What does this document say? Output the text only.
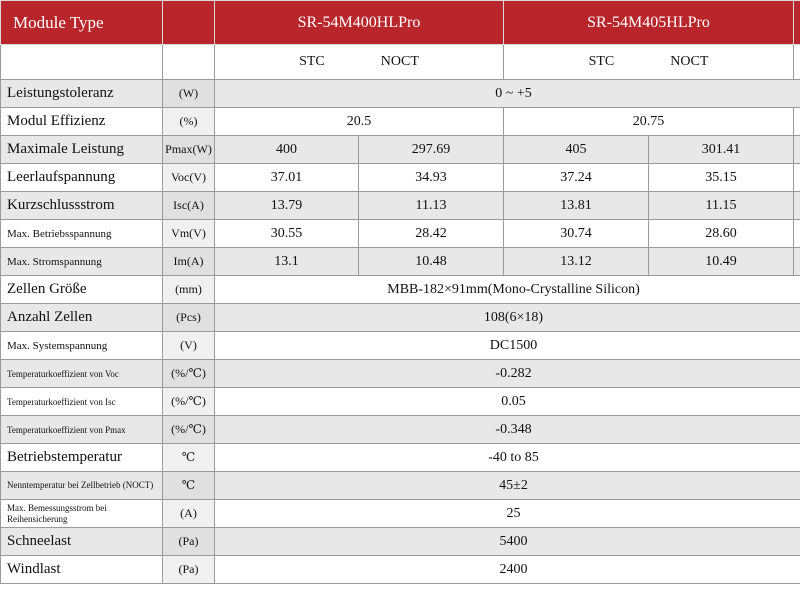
Module Type		SR-54M400HLPro		SR-54M405HLPro		

		STC NOCT		STC NOCT		

Leistungstoleranz	(W)	0 ~ +5				
Modul Effizienz	(%)	20.5		20.75		
Maximale Leistung	Pmax(W)	400	297.69	405	301.41	
Leerlaufspannung	Voc(V)	37.01	34.93	37.24	35.15	
Kurzschlussstrom	Isc(A)	13.79	11.13	13.81	11.15	
Max. Betriebsspannung	Vm(V)	30.55	28.42	30.74	28.60	
Max. Stromspannung	Im(A)	13.1	10.48	13.12	10.49	
Zellen Größe	(mm)	MBB-182×91mm(Mono-Crystalline Silicon)				
Anzahl Zellen	(Pcs)	108(6×18)				
Max. Systemspannung	(V)	DC1500				
Temperaturkoeffizient von Voc	(%/℃)	-0.282				
Temperaturkoeffizient von Isc	(%/℃)	0.05				
Temperaturkoeffizient von Pmax	(%/℃)	-0.348				
Betriebstemperatur	℃	-40 to 85				
Nenntemperatur bei Zellbetrieb (NOCT)	℃	45±2				
Max. Bemessungsstrom bei Reihensicherung	(A)	25				
Schneelast	(Pa)	5400				
Windlast	(Pa)	2400				
